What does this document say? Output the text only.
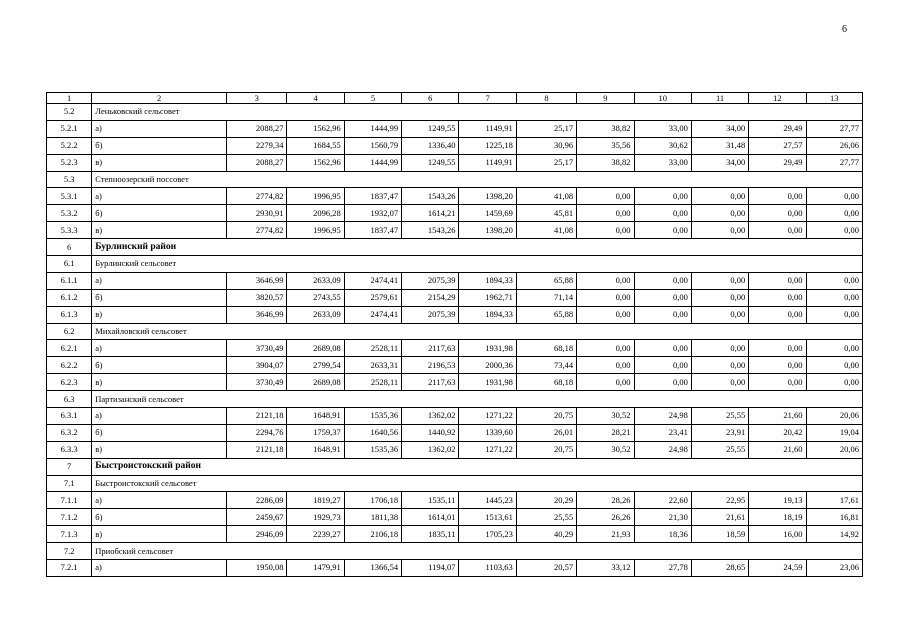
6
1	2	3	4	5	6	7	8	9	10	11	12	13
5.2	Леньковский сельсовет											
5.2.1	а)	2088,27	1562,96	1444,99	1249,55	1149,91	25,17	38,82	33,00	34,00	29,49	27,77
5.2.2	б)	2279,34	1684,55	1560,79	1336,40	1225,18	30,96	35,56	30,62	31,48	27,57	26,06
5.2.3	в)	2088,27	1562,96	1444,99	1249,55	1149,91	25,17	38,82	33,00	34,00	29,49	27,77
5.3	Степноозерский поссовет											
5.3.1	а)	2774,82	1996,95	1837,47	1543,26	1398,20	41,08	0,00	0,00	0,00	0,00	0,00
5.3.2	б)	2930,91	2096,28	1932,07	1614,21	1459,69	45,81	0,00	0,00	0,00	0,00	0,00
5.3.3	в)	2774,82	1996,95	1837,47	1543,26	1398,20	41,08	0,00	0,00	0,00	0,00	0,00
6	Бурлинский район											
6.1	Бурлинский сельсовет											
6.1.1	а)	3646,99	2633,09	2474,41	2075,39	1894,33	65,88	0,00	0,00	0,00	0,00	0,00
6.1.2	б)	3820,57	2743,55	2579,61	2154,29	1962,71	71,14	0,00	0,00	0,00	0,00	0,00
6.1.3	в)	3646,99	2633,09	2474,41	2075,39	1894,33	65,88	0,00	0,00	0,00	0,00	0,00
6.2	Михайловский сельсовет											
6.2.1	а)	3730,49	2689,08	2528,11	2117,63	1931,98	68,18	0,00	0,00	0,00	0,00	0,00
6.2.2	б)	3904,07	2799,54	2633,31	2196,53	2000,36	73,44	0,00	0,00	0,00	0,00	0,00
6.2.3	в)	3730,49	2689,08	2528,11	2117,63	1931,98	68,18	0,00	0,00	0,00	0,00	0,00
6.3	Партизанский сельсовет											
6.3.1	а)	2121,18	1648,91	1535,36	1362,02	1271,22	20,75	30,52	24,98	25,55	21,60	20,06
6.3.2	б)	2294,76	1759,37	1640,56	1440,92	1339,60	26,01	28,21	23,41	23,91	20,42	19,04
6.3.3	в)	2121,18	1648,91	1535,36	1362,02	1271,22	20,75	30,52	24,98	25,55	21,60	20,06
7	Быстроистокский район											
7.1	Быстроистокский сельсовет											
7.1.1	а)	2286,09	1819,27	1706,18	1535,11	1445,23	20,29	28,26	22,60	22,95	19,13	17,61
7.1.2	б)	2459,67	1929,73	1811,38	1614,01	1513,61	25,55	26,26	21,30	21,61	18,19	16,81
7.1.3	в)	2946,09	2239,27	2106,18	1835,11	1705,23	40,29	21,93	18,36	18,59	16,00	14,92
7.2	Приобский сельсовет											
7.2.1	а)	1950,08	1479,91	1366,54	1194,07	1103,63	20,57	33,12	27,78	28,65	24,59	23,06
